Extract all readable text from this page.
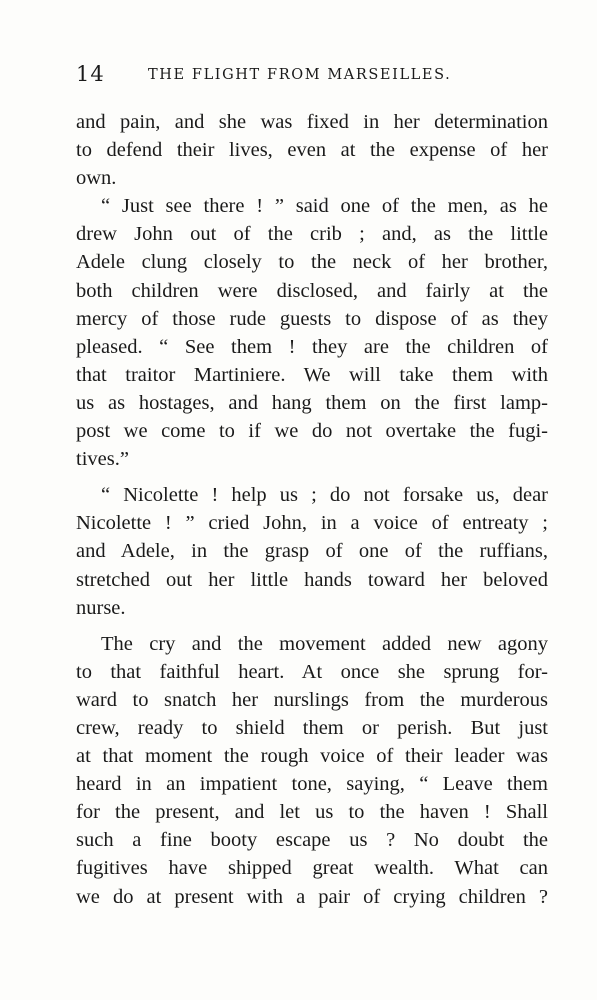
14	THE FLIGHT FROM MARSEILLES.
and pain, and she was fixed in her determination
to defend their lives, even at the expense of her
own.
“ Just see there ! ” said one of the men, as he
drew John out of the crib ; and, as the little
Adele clung closely to the neck of her brother,
both children were disclosed, and fairly at the
mercy of those rude guests to dispose of as they
pleased. “ See them ! they are the children of
that traitor Martiniere. We will take them with
us as hostages, and hang them on the first lamp-
post we come to if we do not overtake the fugi-
tives.”
“ Nicolette ! help us ; do not forsake us, dear
Nicolette ! ” cried John, in a voice of entreaty ;
and Adele, in the grasp of one of the ruffians,
stretched out her little hands toward her beloved
nurse.
The cry and the movement added new agony
to that faithful heart. At once she sprung for-
ward to snatch her nurslings from the murderous
crew, ready to shield them or perish. But just
at that moment the rough voice of their leader was
heard in an impatient tone, saying, “ Leave them
for the present, and let us to the haven ! Shall
such a fine booty escape us ? No doubt the
fugitives have shipped great wealth. What can
we do at present with a pair of crying children ?
